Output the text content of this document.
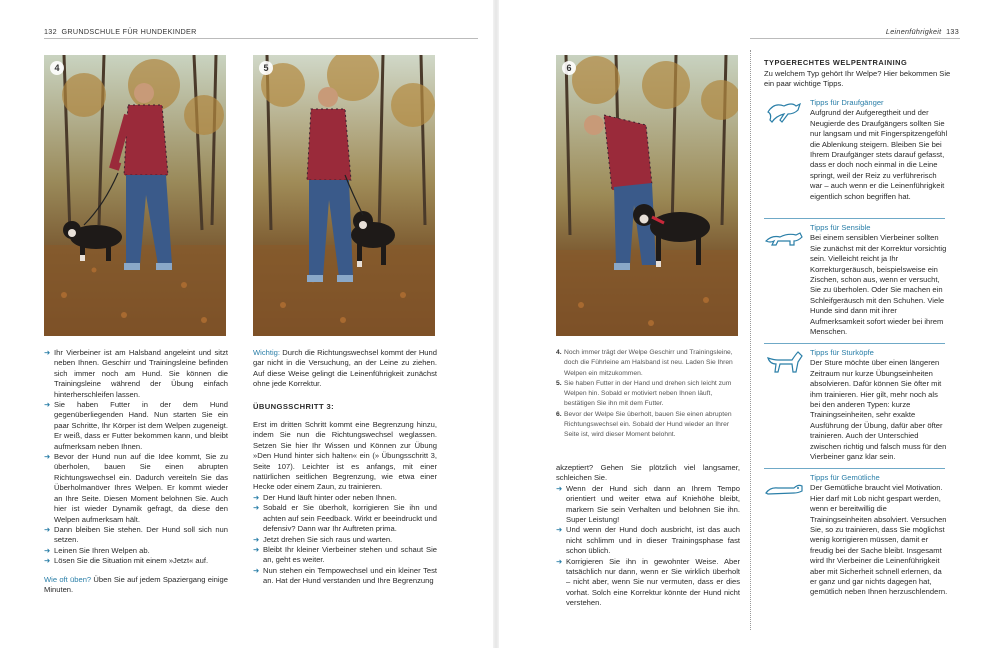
132 GRUNDSCHULE FÜR HUNDEKINDER	Leinenführigkeit 133
4	5	6
➜ Ihr Vierbeiner ist am Halsband angeleint und sitzt neben Ihnen. Geschirr und Trainingsleine befinden sich immer noch am Hund. Sie können die Trainingsleine während der Übung einfach hinterherschleifen lassen.
➜ Sie haben Futter in der dem Hund gegenüberliegenden Hand. Nun starten Sie ein paar Schritte, Ihr Körper ist dem Welpen zugeneigt. Er weiß, dass er Futter bekommen kann, und bleibt aufmerksam neben Ihnen.
➜ Bevor der Hund nun auf die Idee kommt, Sie zu überholen, bauen Sie einen abrupten Richtungswechsel ein. Dadurch vereiteln Sie das Überholmanöver Ihres Welpen. Er kommt wieder an Ihre Seite. Diesen Moment belohnen Sie. Auch hier ist wieder Dynamik gefragt, da diese den Welpen aufmerksam hält.
➜ Dann bleiben Sie stehen. Der Hund soll sich nun setzen.
➜ Leinen Sie Ihren Welpen ab.
➜ Lösen Sie die Situation mit einem »Jetzt« auf.

Wie oft üben? Üben Sie auf jedem Spaziergang einige Minuten.

Wichtig: Durch die Richtungswechsel kommt der Hund gar nicht in die Versuchung, an der Leine zu ziehen. Auf diese Weise gelingt die Leinenführigkeit zunächst ohne jede Korrektur.

ÜBUNGSSCHRITT 3:

Erst im dritten Schritt kommt eine Begrenzung hinzu, indem Sie nun die Richtungswechsel weglassen. Setzen Sie hier Ihr Wissen und Können zur Übung »Den Hund hinter sich halten« ein (» Übungsschritt 3, Seite 107). Leichter ist es anfangs, mit einer natürlichen seitlichen Begrenzung, wie etwa einer Hecke oder einem Zaun, zu trainieren.

➜ Der Hund läuft hinter oder neben Ihnen.
➜ Sobald er Sie überholt, korrigieren Sie ihn und achten auf sein Feedback. Wirkt er beeindruckt und defensiv? Dann war Ihr Auftreten prima.
➜ Jetzt drehen Sie sich raus und warten.
➜ Bleibt Ihr kleiner Vierbeiner stehen und schaut Sie an, geht es weiter.
➜ Nun stehen ein Tempowechsel und ein kleiner Test an. Hat der Hund verstanden und Ihre Begrenzung
4. Noch immer trägt der Welpe Geschirr und Trainingsleine, doch die Führleine am Halsband ist neu. Laden Sie Ihren Welpen ein mitzukommen.
5. Sie haben Futter in der Hand und drehen sich leicht zum Welpen hin. Sobald er motiviert neben Ihnen läuft, bestätigen Sie ihn mit dem Futter.
6. Bevor der Welpe Sie überholt, bauen Sie einen abrupten Richtungswechsel ein. Sobald der Hund wieder an Ihrer Seite ist, wird dieser Moment belohnt.

akzeptiert? Gehen Sie plötzlich viel langsamer, schleichen Sie.

➜ Wenn der Hund sich dann an Ihrem Tempo orientiert und weiter etwa auf Kniehöhe bleibt, markern Sie sein Verhalten und belohnen Sie ihn. Super Leistung!
➜ Und wenn der Hund doch ausbricht, ist das auch nicht schlimm und in dieser Trainingsphase fast schon üblich.
➜ Korrigieren Sie ihn in gewohnter Weise. Aber tatsächlich nur dann, wenn er Sie wirklich überholt – nicht aber, wenn Sie nur vermuten, dass er dies vorhat. Solch eine Korrektur könnte der Hund nicht verstehen.
TYPGERECHTES WELPENTRAINING
Zu welchem Typ gehört Ihr Welpe? Hier bekommen Sie ein paar wichtige Tipps.
Tipps für Draufgänger
Aufgrund der Aufgeregtheit und der Neugierde des Draufgängers sollten Sie nur langsam und mit Fingerspitzengefühl die Ablenkung steigern. Bleiben Sie bei Ihrem Draufgänger stets darauf gefasst, dass er doch noch einmal in die Leine springt, weil der Reiz zu verführerisch war – auch wenn er die Leinenführigkeit eigentlich schon begriffen hat.
Tipps für Sensible
Bei einem sensiblen Vierbeiner sollten Sie zunächst mit der Korrektur vorsichtig sein. Vielleicht reicht ja Ihr Korrekturgeräusch, beispielsweise ein Zischen, schon aus, wenn er versucht, Sie zu überholen. Oder Sie machen ein Schleifgeräusch mit den Schuhen. Viele Hunde sind dann mit ihrer Aufmerksamkeit sofort wieder bei ihrem Menschen.
Tipps für Sturköpfe
Der Sture möchte über einen längeren Zeitraum nur kurze Übungseinheiten absolvieren. Dafür können Sie öfter mit ihm trainieren. Hier gilt, mehr noch als bei den anderen Typen: kurze Trainingseinheiten, sehr exakte Ausführung der Übung, dafür aber öfter trainieren. Auch der Unterschied zwischen richtig und falsch muss für den Vierbeiner ganz klar sein.
Tipps für Gemütliche
Der Gemütliche braucht viel Motivation. Hier darf mit Lob nicht gespart werden, wenn er bereitwillig die Trainingseinheiten absolviert. Versuchen Sie, so zu trainieren, dass Sie möglichst wenig korrigieren müssen, damit er freudig bei der Sache bleibt. Insgesamt wird Ihr Vierbeiner die Leinenführigkeit aber mit Sicherheit schnell erlernen, da er ganz und gar nichts dagegen hat, gemütlich neben Ihnen herzuschlendern.
